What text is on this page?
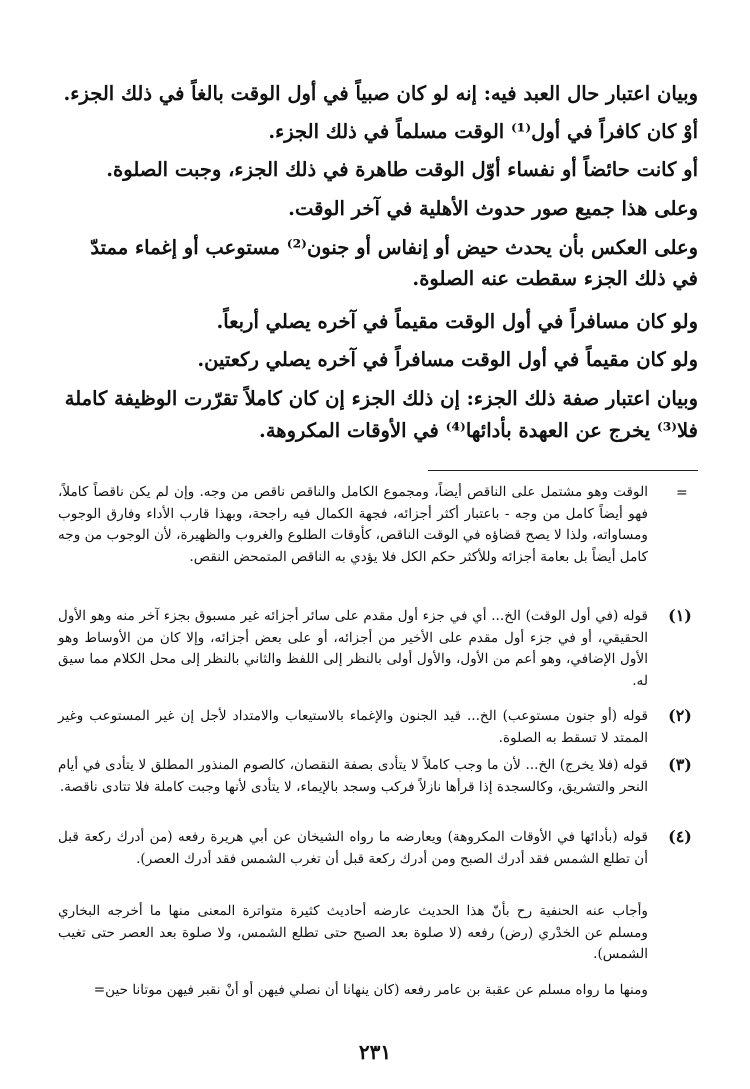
وبيان اعتبار حال العبد فيه: إنه لو كان صبياً في أول الوقت بالغاً في ذلك الجزء.
أوْ كان كافراً في أول⁽¹⁾ الوقت مسلماً في ذلك الجزء.
أو كانت حائضاً أو نفساء أوّل الوقت طاهرة في ذلك الجزء، وجبت الصلوة.
وعلى هذا جميع صور حدوث الأهلية في آخر الوقت.
وعلى العكس بأن يحدث حيض أو إنفاس أو جنون⁽²⁾ مستوعب أو إغماء ممتدّ
في ذلك الجزء سقطت عنه الصلوة.
ولو كان مسافراً في أول الوقت مقيماً في آخره يصلي أربعاً.
ولو كان مقيماً في أول الوقت مسافراً في آخره يصلي ركعتين.
وبيان اعتبار صفة ذلك الجزء: إن ذلك الجزء إن كان كاملاً تقرّرت الوظيفة كاملة
فلا⁽³⁾ يخرج عن العهدة بأدائها⁽⁴⁾ في الأوقات المكروهة.
=
الوقت وهو مشتمل على الناقص أيضاً، ومجموع الكامل والناقص ناقص من وجه. وإن لم يكن ناقصاً كاملاً، فهو أيضاً كامل من وجه - باعتبار أكثر أجزائه، فجهة الكمال فيه راجحة، وبهذا قارب الأداء وفارق الوجوب ومساواته، ولذا لا يصح قضاؤه في الوقت الناقص، كأوقات الطلوع والغروب والظهيرة، لأن الوجوب من وجه كامل أيضاً بل بعامة أجزائه وللأكثر حكم الكل فلا يؤدي به الناقص المتمحض النقص.
(١)
قوله (في أول الوقت) الخ... أي في جزء أول مقدم على سائر أجزائه غير مسبوق بجزء آخر منه وهو الأول الحقيقي، أو في جزء أول مقدم على الأخير من أجزائه، أو على بعض أجزائه، وإلا كان من الأوساط وهو الأول الإضافي، وهو أعم من الأول، والأول أولى بالنظر إلى اللفظ والثاني بالنظر إلى محل الكلام مما سيق له.
(٢)
قوله (أو جنون مستوعب) الخ... قيد الجنون والإغماء بالاستيعاب والامتداد لأجل إن غير المستوعب وغير الممتد لا تسقط به الصلوة.
(٣)
قوله (فلا يخرج) الخ... لأن ما وجب كاملاً لا يتأدى بصفة النقصان، كالصوم المنذور المطلق لا يتأدى في أيام النحر والتشريق، وكالسجدة إذا قرأها نازلاً فركب وسجد بالإيماء، لا يتأدى لأنها وجبت كاملة فلا تتادى ناقصة.
(٤)
قوله (بأدائها في الأوقات المكروهة) ويعارضه ما رواه الشيخان عن أبي هريرة رفعه (من أدرك ركعة قبل أن تطلع الشمس فقد أدرك الصبح ومن أدرك ركعة قبل أن تغرب الشمس فقد أدرك العصر).
وأجاب عنه الحنفية رح بأنّ هذا الحديث عارضه أحاديث كثيرة متواترة المعنى منها ما أخرجه البخاري ومسلم عن الخدْري (رض) رفعه (لا صلوة بعد الصبح حتى تطلع الشمس، ولا صلوة بعد العصر حتى تغيب الشمس).
ومنها ما رواه مسلم عن عقبة بن عامر رفعه (كان ينهانا أن نصلي فيهن أو أنْ نقبر فيهن موتانا حين=
٢٣١
